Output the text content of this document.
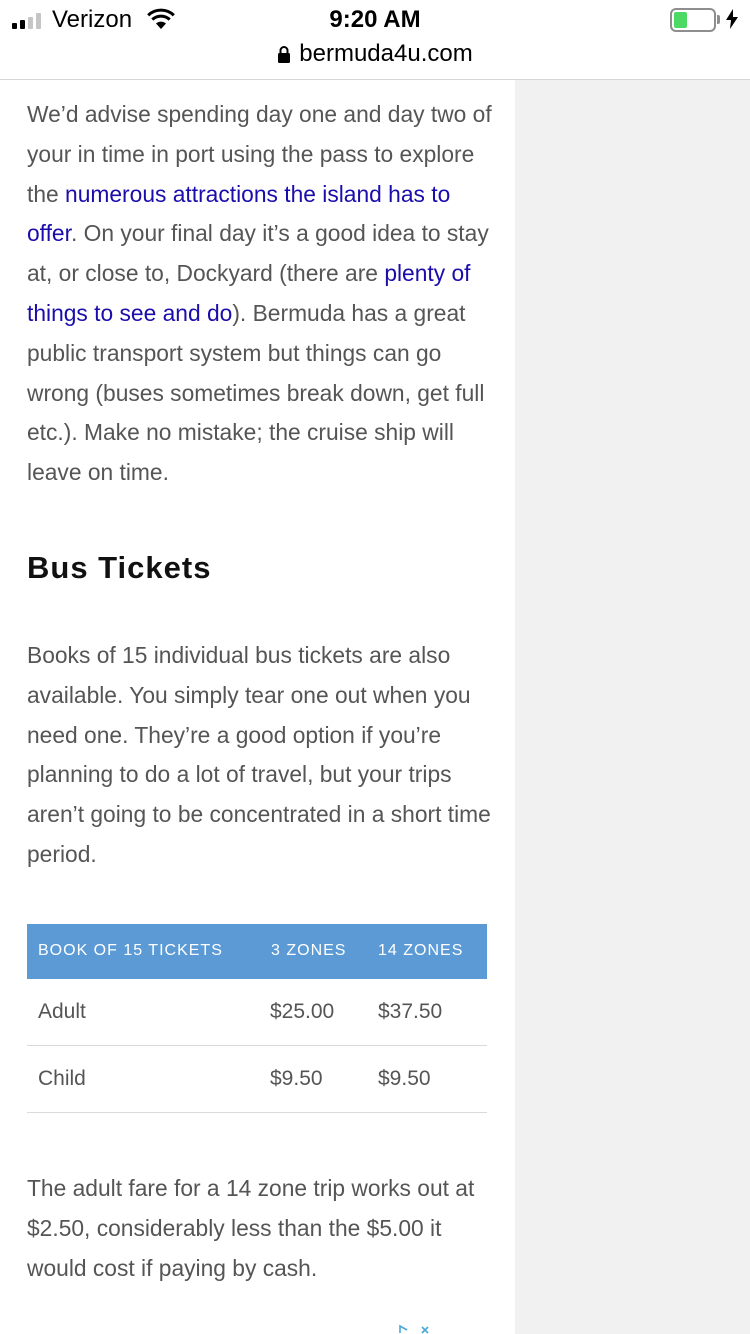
Verizon	9:20 AM
bermuda4u.com

We’d advise spending day one and day two of your in time in port using the pass to explore the numerous attractions the island has to offer. On your final day it’s a good idea to stay at, or close to, Dockyard (there are plenty of things to see and do). Bermuda has a great public transport system but things can go wrong (buses sometimes break down, get full etc.). Make no mistake; the cruise ship will leave on time.

Bus Tickets

Books of 15 individual bus tickets are also available. You simply tear one out when you need one. They’re a good option if you’re planning to do a lot of travel, but your trips aren’t going to be concentrated in a short time period.

BOOK OF 15 TICKETS	3 ZONES	14 ZONES
Adult	$25.00	$37.50
Child	$9.50	$9.50

The adult fare for a 14 zone trip works out at $2.50, considerably less than the $5.00 it would cost if paying by cash.
